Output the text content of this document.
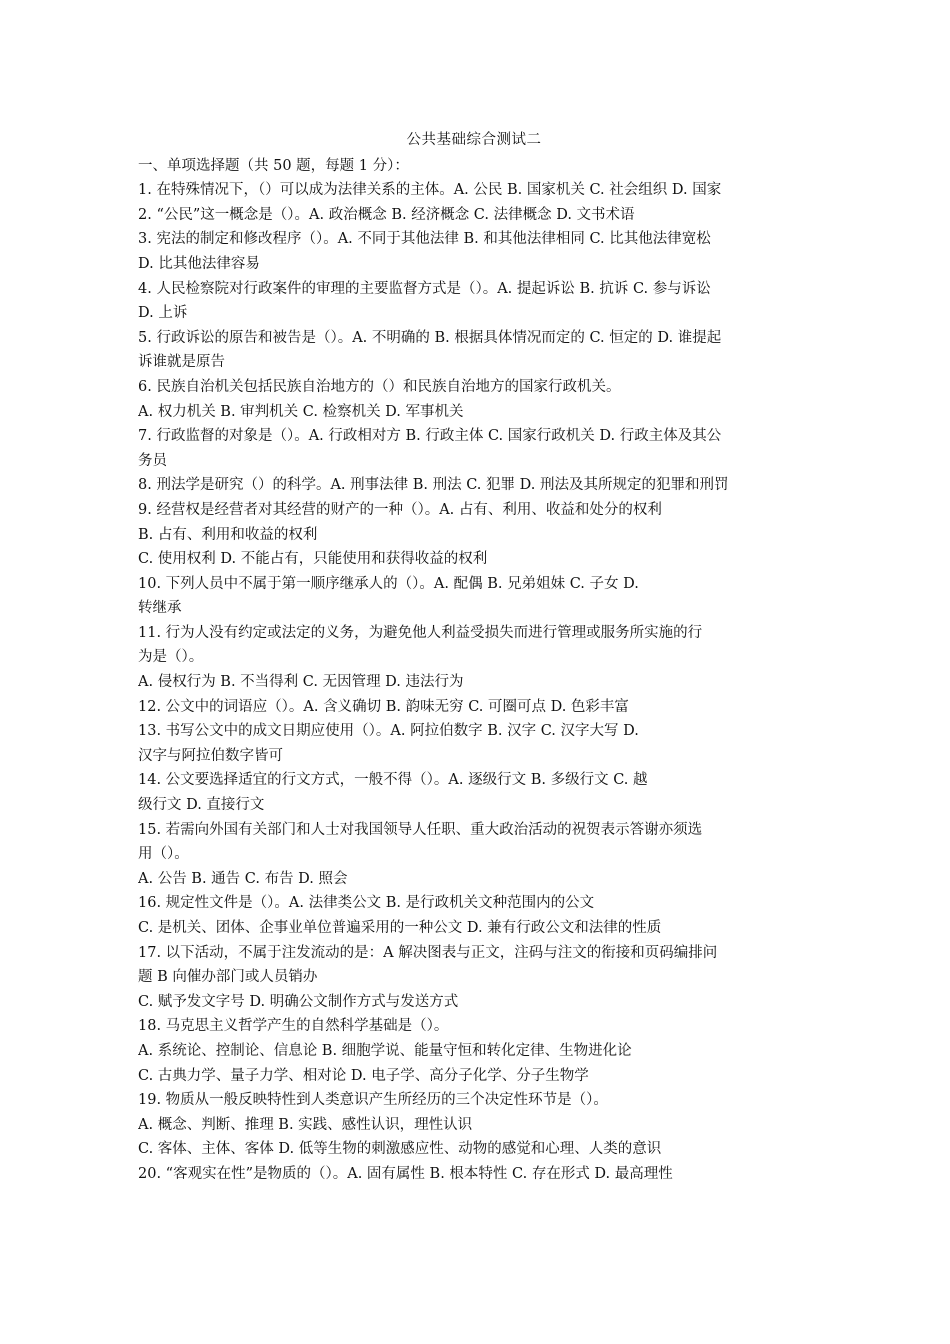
公共基础综合测试二
一、单项选择题（共 50 题，每题 1 分）：
1. 在特殊情况下，（）可以成为法律关系的主体。A. 公民 B. 国家机关 C. 社会组织 D. 国家
2. “公民”这一概念是（）。A. 政治概念 B. 经济概念 C. 法律概念 D. 文书术语
3. 宪法的制定和修改程序（）。A. 不同于其他法律 B. 和其他法律相同 C. 比其他法律宽松
D. 比其他法律容易
4. 人民检察院对行政案件的审理的主要监督方式是（）。A. 提起诉讼 B. 抗诉 C. 参与诉讼
D. 上诉
5. 行政诉讼的原告和被告是（）。A. 不明确的 B. 根据具体情况而定的 C. 恒定的 D. 谁提起
诉谁就是原告
6. 民族自治机关包括民族自治地方的（）和民族自治地方的国家行政机关。
A. 权力机关 B. 审判机关 C. 检察机关 D. 军事机关
7. 行政监督的对象是（）。A. 行政相对方 B. 行政主体 C. 国家行政机关 D. 行政主体及其公
务员
8. 刑法学是研究（）的科学。A. 刑事法律 B. 刑法 C. 犯罪 D. 刑法及其所规定的犯罪和刑罚
9. 经营权是经营者对其经营的财产的一种（）。A. 占有、利用、收益和处分的权利
B. 占有、利用和收益的权利
C. 使用权利 D. 不能占有，只能使用和获得收益的权利
10. 下列人员中不属于第一顺序继承人的（）。A. 配偶 B. 兄弟姐妹 C. 子女 D.
转继承
11. 行为人没有约定或法定的义务，为避免他人利益受损失而进行管理或服务所实施的行
为是（）。
A. 侵权行为 B. 不当得利 C. 无因管理 D. 违法行为
12. 公文中的词语应（）。A. 含义确切 B. 韵味无穷 C. 可圈可点 D. 色彩丰富
13. 书写公文中的成文日期应使用（）。A. 阿拉伯数字 B. 汉字 C. 汉字大写 D.
汉字与阿拉伯数字皆可
14. 公文要选择适宜的行文方式，一般不得（）。A. 逐级行文 B. 多级行文 C. 越
级行文 D. 直接行文
15. 若需向外国有关部门和人士对我国领导人任职、重大政治活动的祝贺表示答谢亦须选
用（）。
A. 公告 B. 通告 C. 布告 D. 照会
16. 规定性文件是（）。A. 法律类公文 B. 是行政机关文种范围内的公文
C. 是机关、团体、企事业单位普遍采用的一种公文 D. 兼有行政公文和法律的性质
17. 以下活动，不属于注发流动的是：A 解决图表与正文，注码与注文的衔接和页码编排问
题 B 向催办部门或人员销办
C. 赋予发文字号 D. 明确公文制作方式与发送方式
18. 马克思主义哲学产生的自然科学基础是（）。
A. 系统论、控制论、信息论 B. 细胞学说、能量守恒和转化定律、生物进化论
C. 古典力学、量子力学、相对论 D. 电子学、高分子化学、分子生物学
19. 物质从一般反映特性到人类意识产生所经历的三个决定性环节是（）。
A. 概念、判断、推理 B. 实践、感性认识，理性认识
C. 客体、主体、客体 D. 低等生物的刺激感应性、动物的感觉和心理、人类的意识
20. “客观实在性”是物质的（）。A. 固有属性 B. 根本特性 C. 存在形式 D. 最高理性
